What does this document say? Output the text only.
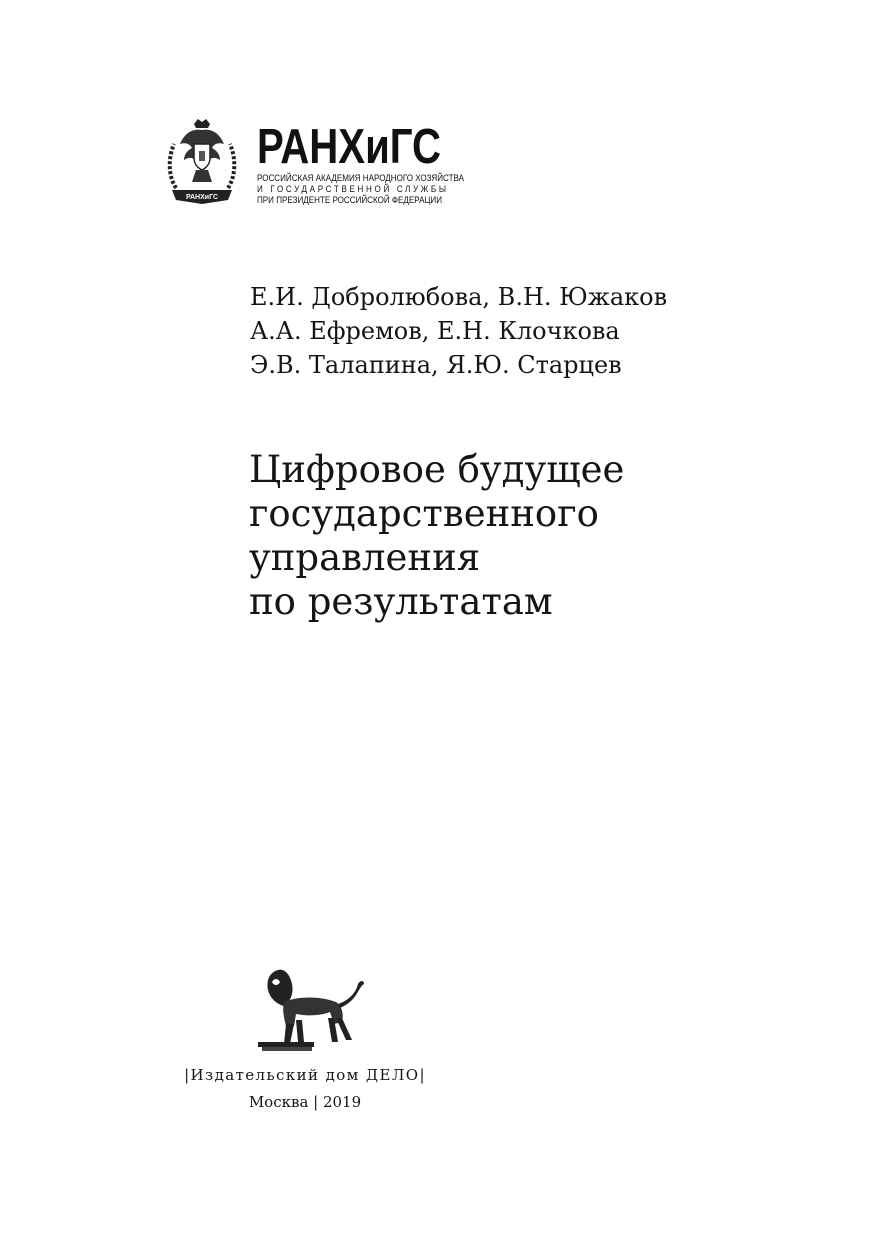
РАНХиГС
РАНХиГС
РОССИЙСКАЯ АКАДЕМИЯ НАРОДНОГО ХОЗЯЙСТВА
И ГОСУДАРСТВЕННОЙ СЛУЖБЫ
ПРИ ПРЕЗИДЕНТЕ РОССИЙСКОЙ ФЕДЕРАЦИИ
Е.И. Добролюбова, В.Н. Южаков
А.А. Ефремов, Е.Н. Клочкова
Э.В. Талапина, Я.Ю. Старцев
Цифровое будущее
государственного
управления
по результатам
|Издательский дом ДЕЛО|
Москва | 2019
